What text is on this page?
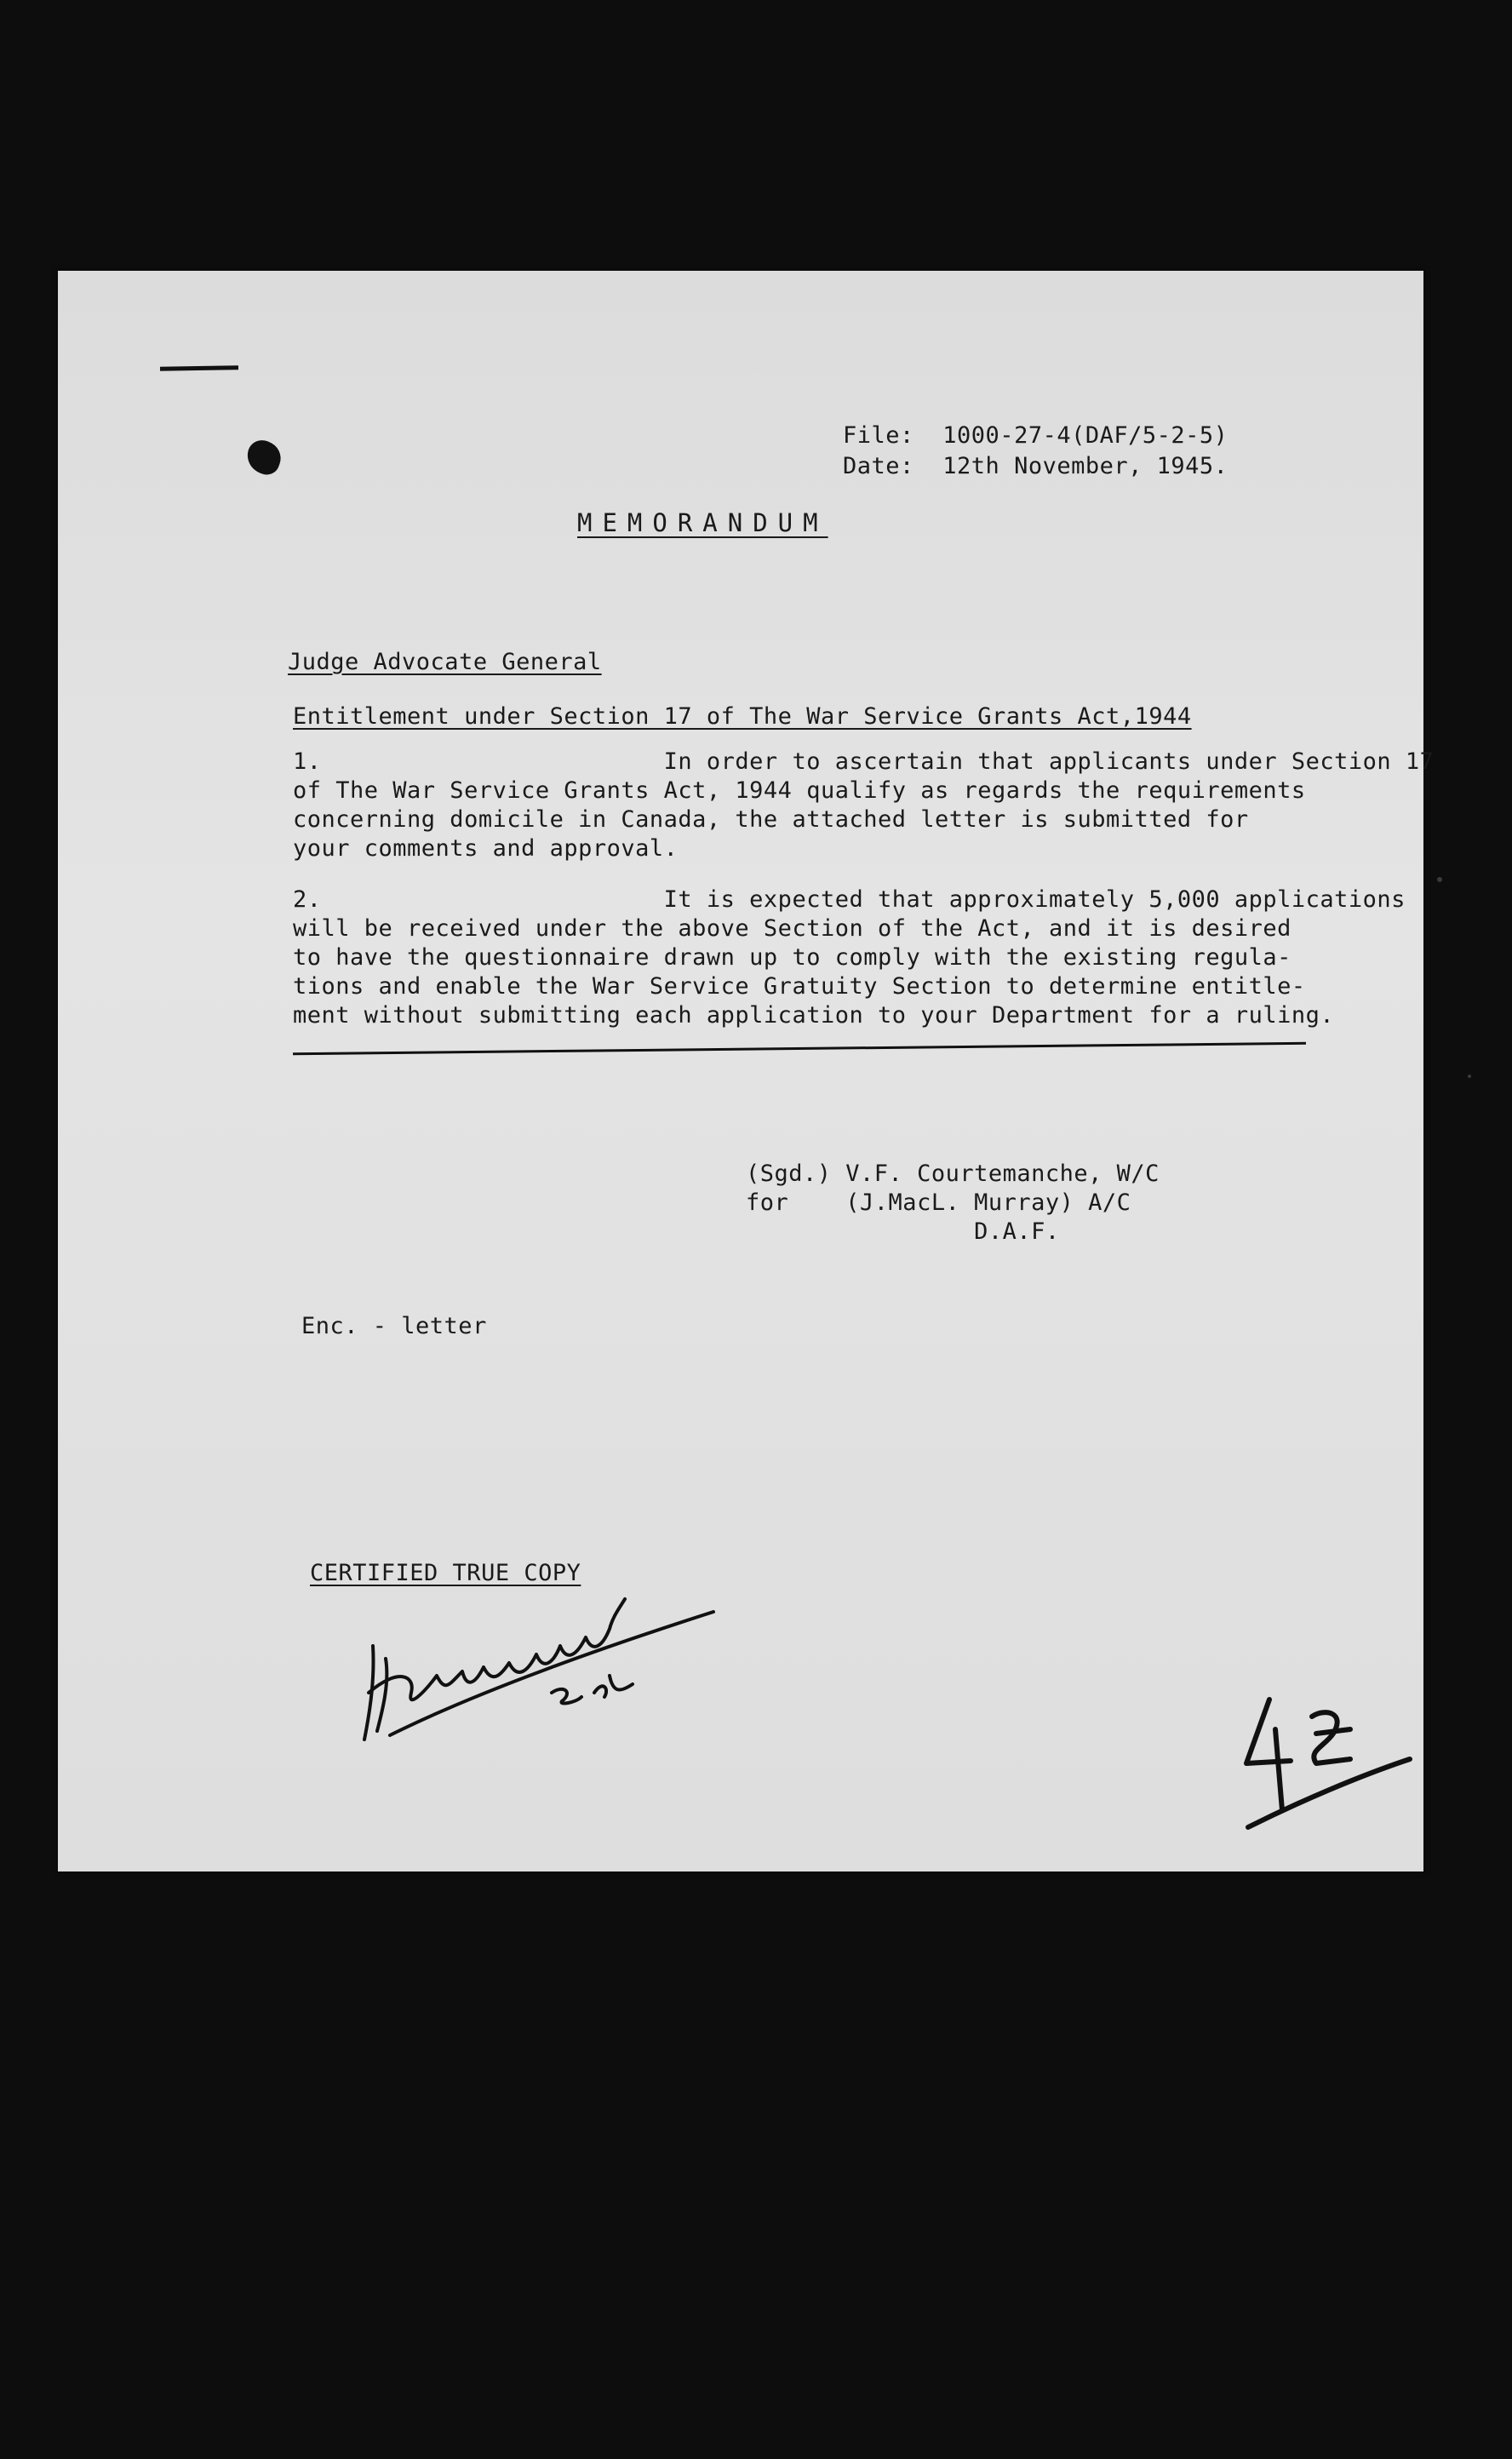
File:  1000-27-4(DAF/5-2-5)
Date:  12th November, 1945.
MEMORANDUM
Judge Advocate General
Entitlement under Section 17 of The War Service Grants Act,1944
1.                        In order to ascertain that applicants under Section 17
of The War Service Grants Act, 1944 qualify as regards the requirements
concerning domicile in Canada, the attached letter is submitted for
your comments and approval.
2.                        It is expected that approximately 5,000 applications
will be received under the above Section of the Act, and it is desired
to have the questionnaire drawn up to comply with the existing regula-
tions and enable the War Service Gratuity Section to determine entitle-
ment without submitting each application to your Department for a ruling.
(Sgd.) V.F. Courtemanche, W/C
for    (J.MacL. Murray) A/C
D.A.F.
Enc. - letter
CERTIFIED TRUE COPY
